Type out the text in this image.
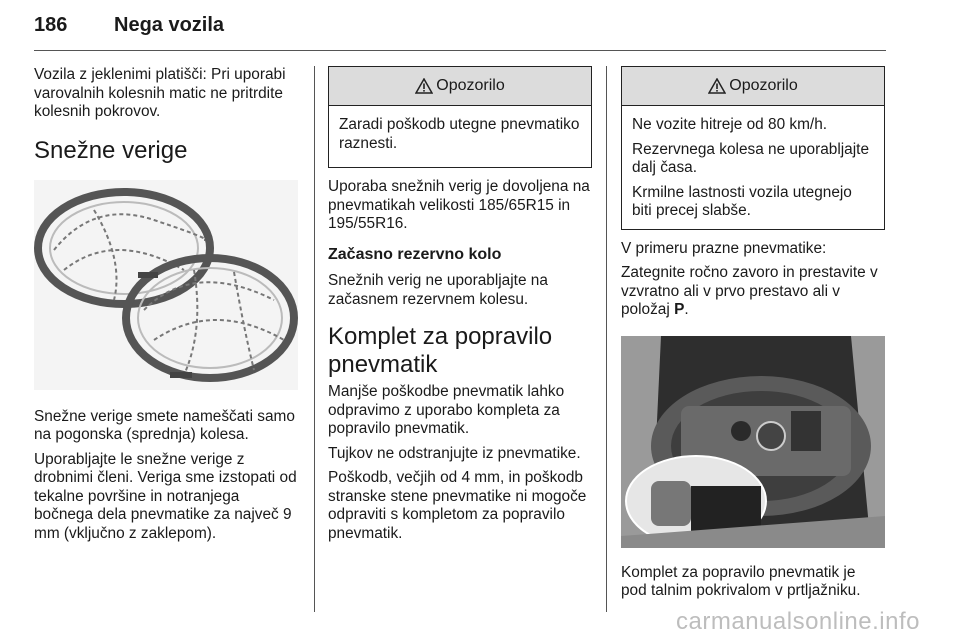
186 Nega vozila

Vozila z jeklenimi platišči: Pri uporabi varovalnih kolesnih matic ne pritrdite kolesnih pokrovov.

Snežne verige

Snežne verige smete nameščati samo na pogonska (sprednja) kolesa.

Uporabljajte le snežne verige z drobnimi členi. Veriga sme izstopati od tekalne površine in notranjega bočnega dela pnevmatike za največ 9 mm (vključno z zaklepom).

Opozorilo

Zaradi poškodb utegne pnevmatiko raznesti.

Uporaba snežnih verig je dovoljena na pnevmatikah velikosti 185/65R15 in 195/55R16.

Začasno rezervno kolo

Snežnih verig ne uporabljajte na začasnem rezervnem kolesu.

Komplet za popravilo pnevmatik

Manjše poškodbe pnevmatik lahko odpravimo z uporabo kompleta za popravilo pnevmatik.

Tujkov ne odstranjujte iz pnevmatike.

Poškodb, večjih od 4 mm, in poškodb stranske stene pnevmatike ni mogoče odpraviti s kompletom za popravilo pnevmatik.

Opozorilo

Ne vozite hitreje od 80 km/h.

Rezervnega kolesa ne uporabljajte dalj časa.

Krmilne lastnosti vozila utegnejo biti precej slabše.

V primeru prazne pnevmatike:

Zategnite ročno zavoro in prestavite v vzvratno ali v prvo prestavo ali v položaj P.

Komplet za popravilo pnevmatik je pod talnim pokrivalom v prtljažniku.

carmanualsonline.info
